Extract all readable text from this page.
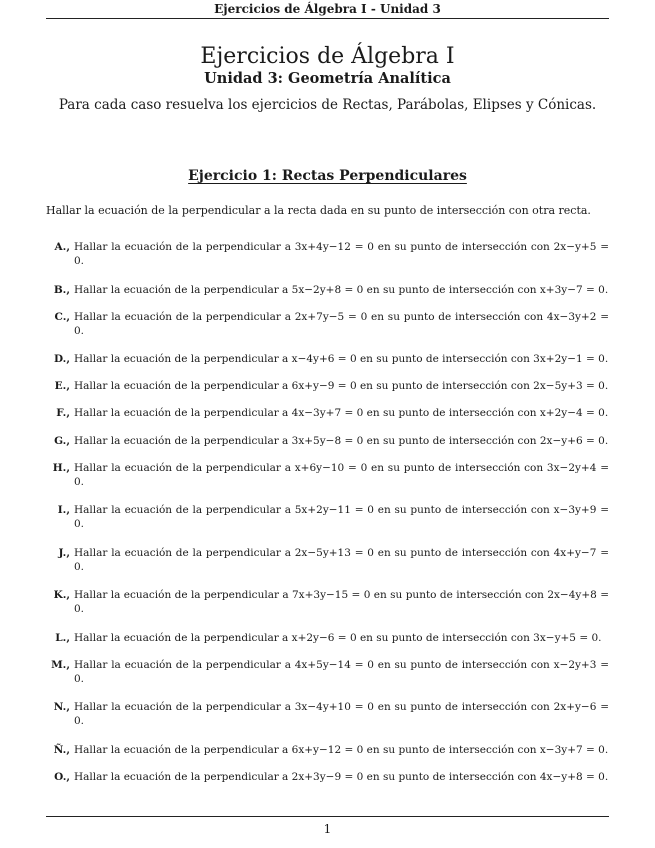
Ejercicios de Álgebra I - Unidad 3
Ejercicios de Álgebra I
Unidad 3: Geometría Analítica
Para cada caso resuelva los ejercicios de Rectas, Parábolas, Elipses y Cónicas.
Ejercicio 1: Rectas Perpendiculares
Hallar la ecuación de la perpendicular a la recta dada en su punto de intersección con otra recta.
A., Hallar la ecuación de la perpendicular a 3x+4y−12 = 0 en su punto de intersección con 2x−y+5 = 0.
B., Hallar la ecuación de la perpendicular a 5x−2y+8 = 0 en su punto de intersección con x+3y−7 = 0.
C., Hallar la ecuación de la perpendicular a 2x+7y−5 = 0 en su punto de intersección con 4x−3y+2 = 0.
D., Hallar la ecuación de la perpendicular a x−4y+6 = 0 en su punto de intersección con 3x+2y−1 = 0.
E., Hallar la ecuación de la perpendicular a 6x+y−9 = 0 en su punto de intersección con 2x−5y+3 = 0.
F., Hallar la ecuación de la perpendicular a 4x−3y+7 = 0 en su punto de intersección con x+2y−4 = 0.
G., Hallar la ecuación de la perpendicular a 3x+5y−8 = 0 en su punto de intersección con 2x−y+6 = 0.
H., Hallar la ecuación de la perpendicular a x+6y−10 = 0 en su punto de intersección con 3x−2y+4 = 0.
I., Hallar la ecuación de la perpendicular a 5x+2y−11 = 0 en su punto de intersección con x−3y+9 = 0.
J., Hallar la ecuación de la perpendicular a 2x−5y+13 = 0 en su punto de intersección con 4x+y−7 = 0.
K., Hallar la ecuación de la perpendicular a 7x+3y−15 = 0 en su punto de intersección con 2x−4y+8 = 0.
L., Hallar la ecuación de la perpendicular a x+2y−6 = 0 en su punto de intersección con 3x−y+5 = 0.
M., Hallar la ecuación de la perpendicular a 4x+5y−14 = 0 en su punto de intersección con x−2y+3 = 0.
N., Hallar la ecuación de la perpendicular a 3x−4y+10 = 0 en su punto de intersección con 2x+y−6 = 0.
Ñ., Hallar la ecuación de la perpendicular a 6x+y−12 = 0 en su punto de intersección con x−3y+7 = 0.
O., Hallar la ecuación de la perpendicular a 2x+3y−9 = 0 en su punto de intersección con 4x−y+8 = 0.
1
